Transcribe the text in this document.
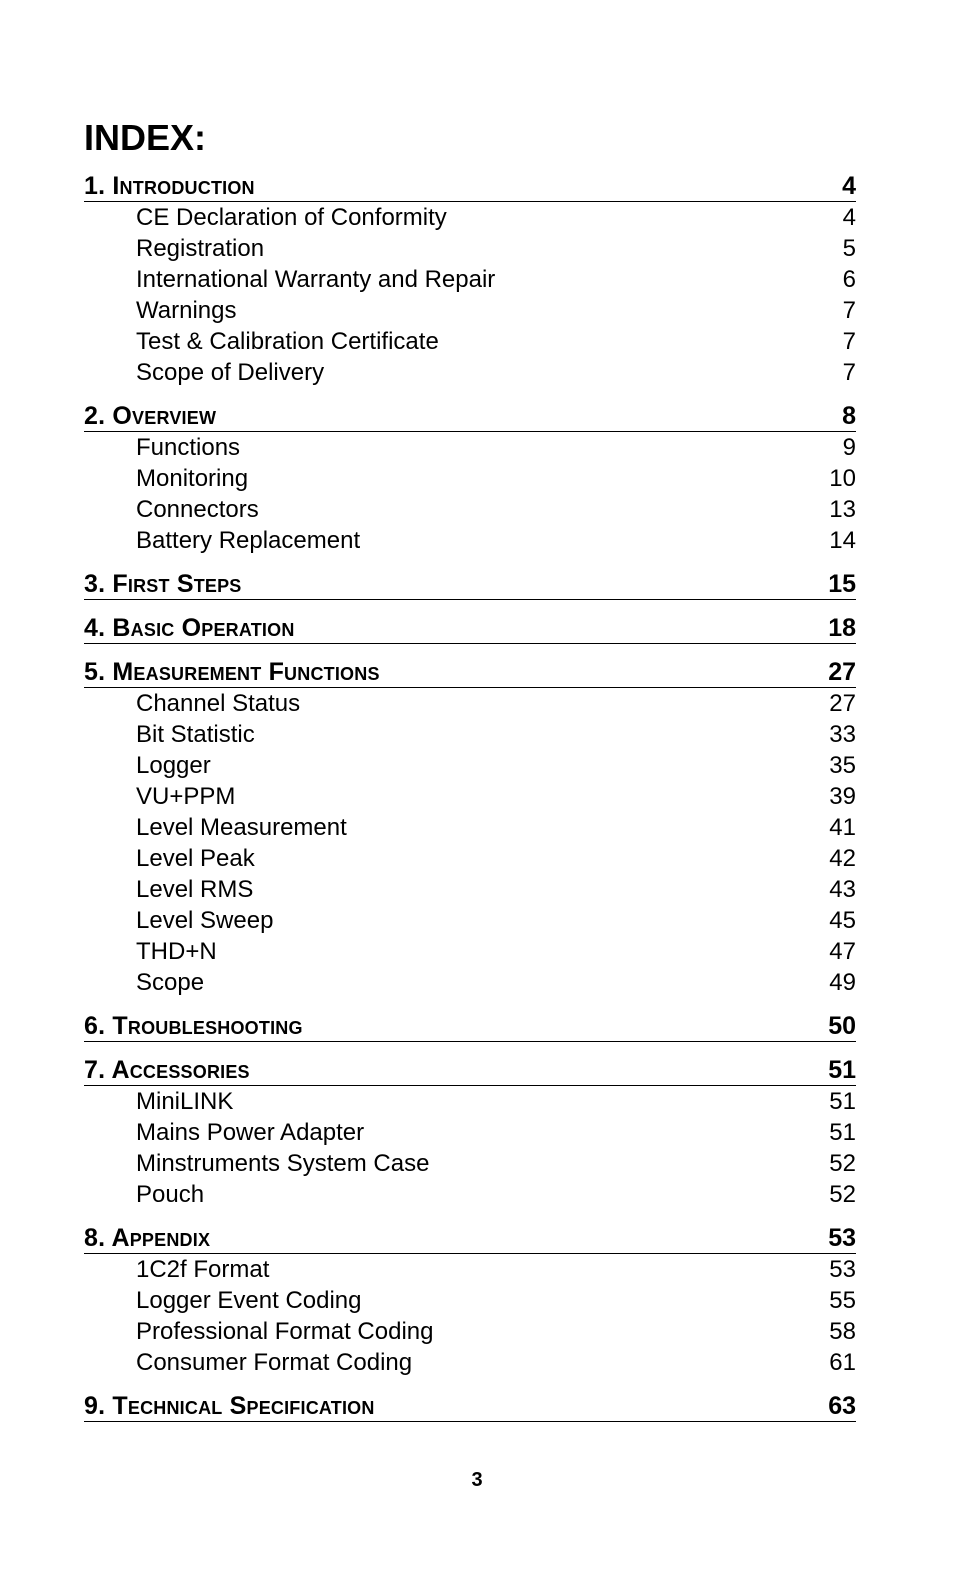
INDEX:
1. Introduction	4
CE Declaration of Conformity	4
Registration	5
International Warranty and Repair	6
Warnings	7
Test & Calibration Certificate	7
Scope of Delivery	7
2. Overview	8
Functions	9
Monitoring	10
Connectors	13
Battery Replacement	14
3. First Steps	15
4. Basic Operation	18
5. Measurement Functions	27
Channel Status	27
Bit Statistic	33
Logger	35
VU+PPM	39
Level Measurement	41
Level Peak	42
Level RMS	43
Level Sweep	45
THD+N	47
Scope	49
6. Troubleshooting	50
7. Accessories	51
MiniLINK	51
Mains Power Adapter	51
Minstruments System Case	52
Pouch	52
8. Appendix	53
1C2f Format	53
Logger Event Coding	55
Professional Format Coding	58
Consumer Format Coding	61
9. Technical Specification	63
3
